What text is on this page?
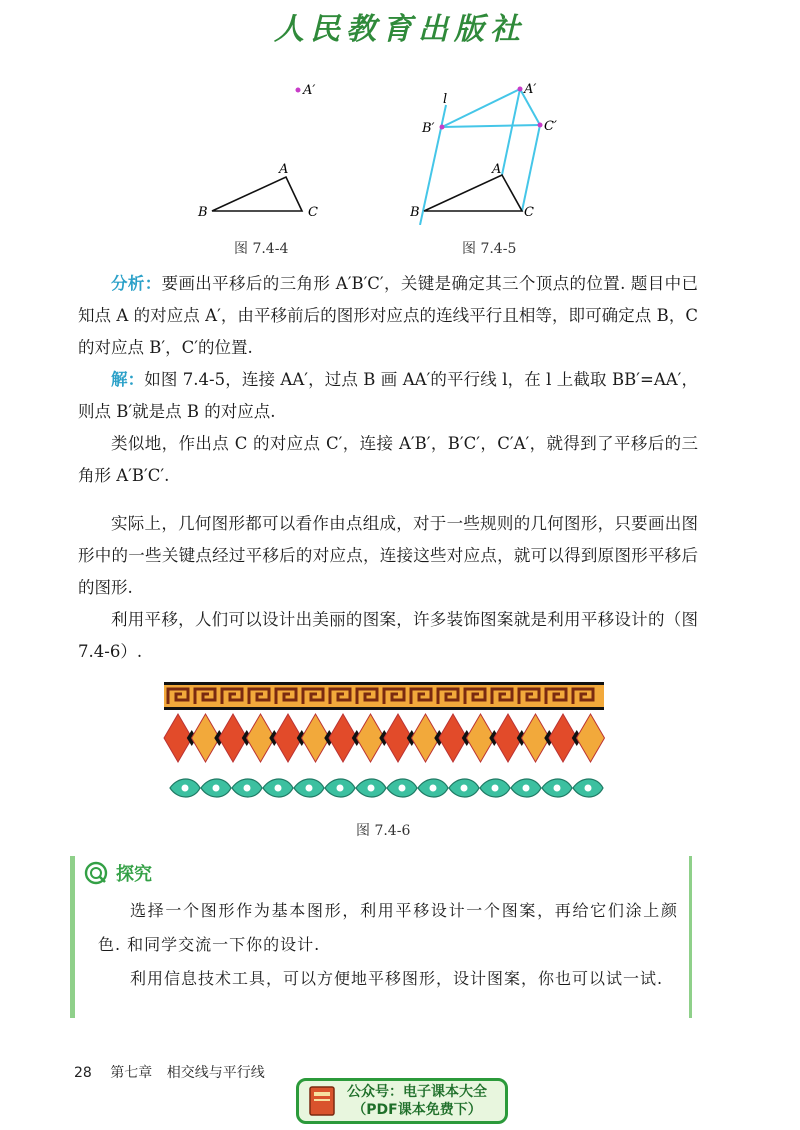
人民教育出版社
A′
A
B	C
图 7.4-4
l
A′
B′	C′
A
B	C
图 7.4-5

分析：要画出平移后的三角形 A′B′C′，关键是确定其三个顶点的位置. 题目中已知点 A 的对应点 A′，由平移前后的图形对应点的连线平行且相等，即可确定点 B，C 的对应点 B′，C′的位置.

解：如图 7.4-5，连接 AA′，过点 B 画 AA′的平行线 l，在 l 上截取 BB′=AA′，则点 B′就是点 B 的对应点.

类似地，作出点 C 的对应点 C′，连接 A′B′，B′C′，C′A′，就得到了平移后的三角形 A′B′C′.

实际上，几何图形都可以看作由点组成，对于一些规则的几何图形，只要画出图形中的一些关键点经过平移后的对应点，连接这些对应点，就可以得到原图形平移后的图形.

利用平移，人们可以设计出美丽的图案，许多装饰图案就是利用平移设计的（图 7.4-6）.

图 7.4-6
探究

选择一个图形作为基本图形，利用平移设计一个图案，再给它们涂上颜色. 和同学交流一下你的设计.

利用信息技术工具，可以方便地平移图形，设计图案，你也可以试一试.

28 第七章 相交线与平行线
公众号：电子课本大全
（PDF课本免费下）
